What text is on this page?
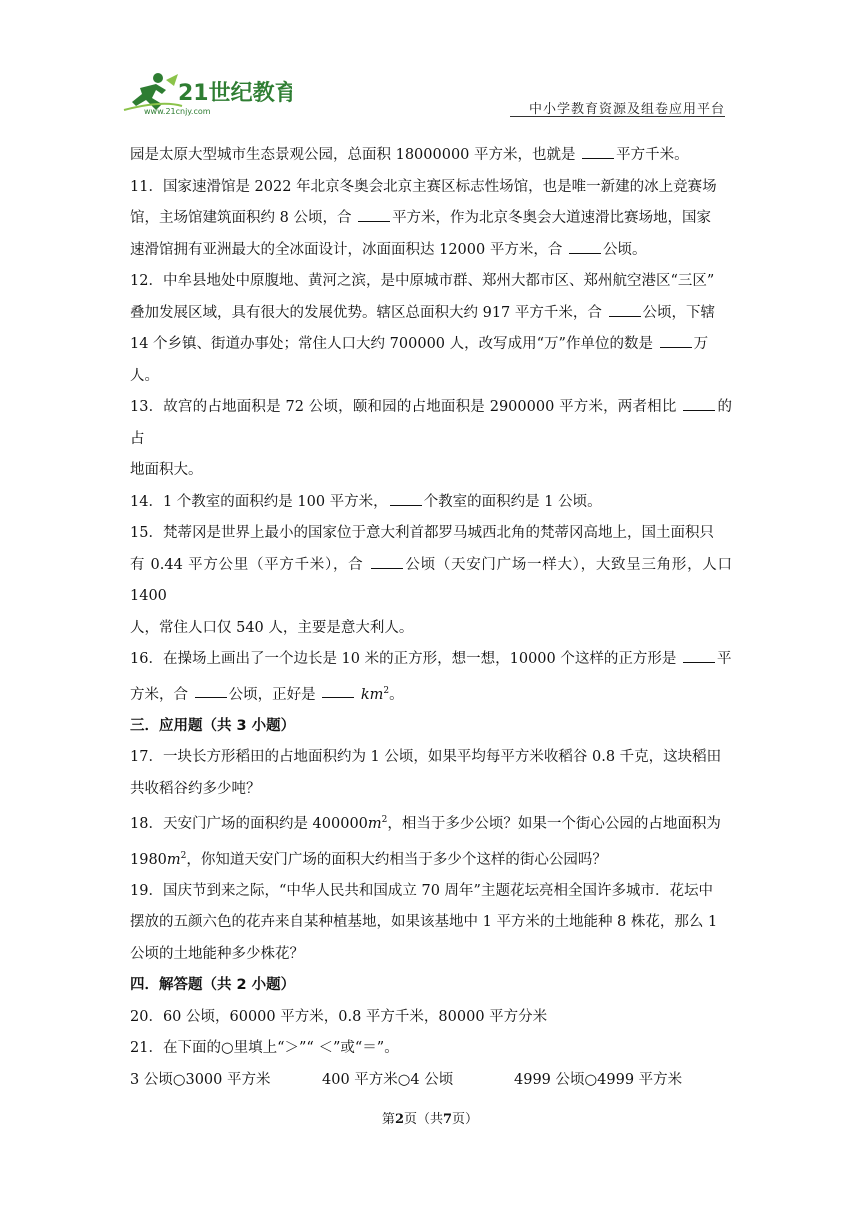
21世纪教育
www.21cnjy.com	中小学教育资源及组卷应用平台

园是太原大型城市生态景观公园，总面积 18000000 平方米，也就是 平方千米。

11．国家速滑馆是 2022 年北京冬奥会北京主赛区标志性场馆，也是唯一新建的冰上竞赛场

馆，主场馆建筑面积约 8 公顷，合 平方米，作为北京冬奥会大道速滑比赛场地，国家

速滑馆拥有亚洲最大的全冰面设计，冰面面积达 12000 平方米，合 公顷。

12．中牟县地处中原腹地、黄河之滨，是中原城市群、郑州大都市区、郑州航空港区“三区”

叠加发展区域，具有很大的发展优势。辖区总面积大约 917 平方千米，合 公顷，下辖

14 个乡镇、街道办事处；常住人口大约 700000 人，改写成用“万”作单位的数是 万

人。

13．故宫的占地面积是 72 公顷，颐和园的占地面积是 2900000 平方米，两者相比 的占

地面积大。

14．1 个教室的面积约是 100 平方米， 个教室的面积约是 1 公顷。

15．梵蒂冈是世界上最小的国家位于意大利首都罗马城西北角的梵蒂冈高地上，国土面积只

有 0.44 平方公里（平方千米），合 公顷（天安门广场一样大），大致呈三角形，人口 1400

人，常住人口仅 540 人，主要是意大利人。

16．在操场上画出了一个边长是 10 米的正方形，想一想，10000 个这样的正方形是 平

方米，合 公顷，正好是	$km^2$。

三．应用题（共 3 小题）

17．一块长方形稻田的占地面积约为 1 公顷，如果平均每平方米收稻谷 0.8 千克，这块稻田

共收稻谷约多少吨？

18．天安门广场的面积约是 $400000m^2$，相当于多少公顷？如果一个街心公园的占地面积为

$1980m^2$，你知道天安门广场的面积大约相当于多少个这样的街心公园吗？

19．国庆节到来之际，“中华人民共和国成立 70 周年”主题花坛亮相全国许多城市．花坛中

摆放的五颜六色的花卉来自某种植基地，如果该基地中 1 平方米的土地能种 8 株花，那么 1

公顷的土地能种多少株花？

四．解答题（共 2 小题）

20．60 公顷，60000 平方米，0.8 平方千米，80000 平方分米

21．在下面的○里填上“＞”“ ＜”或“＝”。

3 公顷○3000 平方米	400 平方米○4 公顷	4999 公顷○4999 平方米

第2页（共7页）
